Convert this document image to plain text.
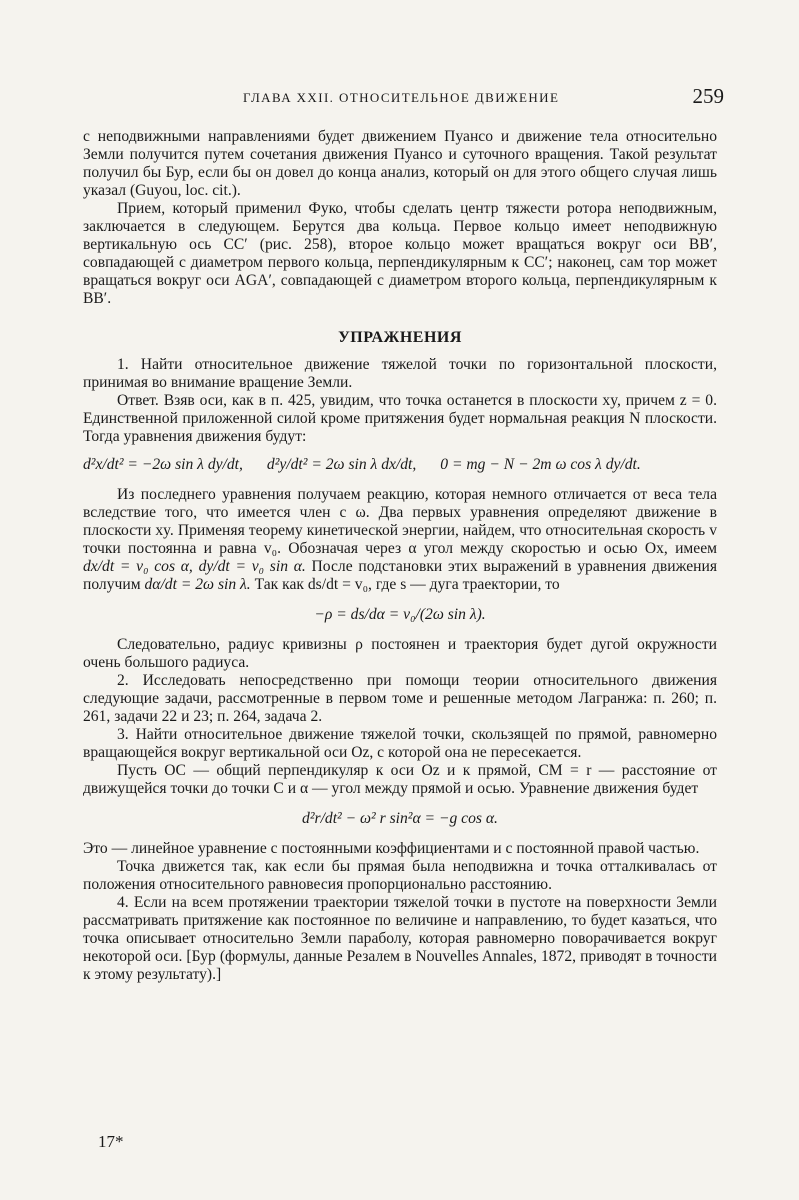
ГЛАВА XXII. ОТНОСИТЕЛЬНОЕ ДВИЖЕНИЕ	259

с неподвижными направлениями будет движением Пуансо и движение тела относительно Земли получится путем сочетания движения Пуансо и суточного вращения. Такой результат получил бы Бур, если бы он довел до конца анализ, который он для этого общего случая лишь указал (Guyou, loc. cit.).

Прием, который применил Фуко, чтобы сделать центр тяжести ротора неподвижным, заключается в следующем. Берутся два кольца. Первое кольцо имеет неподвижную вертикальную ось CC′ (рис. 258), второе кольцо может вращаться вокруг оси BB′, совпадающей с диаметром первого кольца, перпендикулярным к CC′; наконец, сам тор может вращаться вокруг оси AGA′, совпадающей с диаметром второго кольца, перпендикулярным к BB′.

УПРАЖНЕНИЯ

1. Найти относительное движение тяжелой точки по горизонтальной плоскости, принимая во внимание вращение Земли.

Ответ. Взяв оси, как в п. 425, увидим, что точка останется в плоскости xy, причем z = 0. Единственной приложенной силой кроме притяжения будет нормальная реакция N плоскости. Тогда уравнения движения будут:

d²x/dt² = −2ω sin λ dy/dt, d²y/dt² = 2ω sin λ dx/dt, 0 = mg − N − 2m ω cos λ dy/dt.

Из последнего уравнения получаем реакцию, которая немного отличается от веса тела вследствие того, что имеется член с ω. Два первых уравнения определяют движение в плоскости xy. Применяя теорему кинетической энергии, найдем, что относительная скорость v точки постоянна и равна v₀. Обозначая через α угол между скоростью и осью Ox, имеем dx/dt = v₀ cos α, dy/dt = v₀ sin α. После подстановки этих выражений в уравнения движения получим dα/dt = 2ω sin λ. Так как ds/dt = v₀, где s — дуга траектории, то

−ρ = ds/dα = v₀/(2ω sin λ).

Следовательно, радиус кривизны ρ постоянен и траектория будет дугой окружности очень большого радиуса.

2. Исследовать непосредственно при помощи теории относительного движения следующие задачи, рассмотренные в первом томе и решенные методом Лагранжа: п. 260; п. 261, задачи 22 и 23; п. 264, задача 2.

3. Найти относительное движение тяжелой точки, скользящей по прямой, равномерно вращающейся вокруг вертикальной оси Oz, с которой она не пересекается.

Пусть OC — общий перпендикуляр к оси Oz и к прямой, CM = r — расстояние от движущейся точки до точки C и α — угол между прямой и осью. Уравнение движения будет

d²r/dt² − ω² r sin²α = −g cos α.

Это — линейное уравнение с постоянными коэффициентами и с постоянной правой частью.

Точка движется так, как если бы прямая была неподвижна и точка отталкивалась от положения относительного равновесия пропорционально расстоянию.

4. Если на всем протяжении траектории тяжелой точки в пустоте на поверхности Земли рассматривать притяжение как постоянное по величине и направлению, то будет казаться, что точка описывает относительно Земли параболу, которая равномерно поворачивается вокруг некоторой оси. [Бур (формулы, данные Резалем в Nouvelles Annales, 1872, приводят в точности к этому результату).]

17*
